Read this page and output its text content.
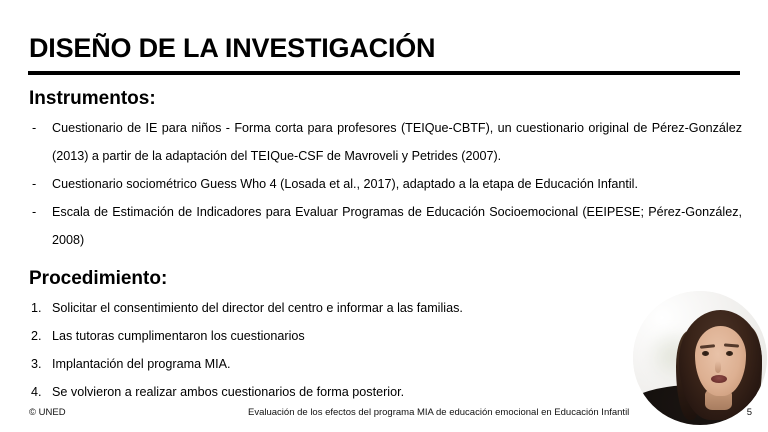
DISEÑO DE LA INVESTIGACIÓN
Instrumentos:
- Cuestionario de IE para niños - Forma corta para profesores (TEIQue-CBTF), un cuestionario original de Pérez-González (2013) a partir de la adaptación del TEIQue-CSF de Mavroveli y Petrides (2007).
- Cuestionario sociométrico Guess Who 4 (Losada et al., 2017), adaptado a la etapa de Educación Infantil.
- Escala de Estimación de Indicadores para Evaluar Programas de Educación Socioemocional (EEIPESE; Pérez-González, 2008)
Procedimiento:
1. Solicitar el consentimiento del director del centro e informar a las familias.
2. Las tutoras cumplimentaron los cuestionarios
3. Implantación del programa MIA.
4. Se volvieron a realizar ambos cuestionarios de forma posterior.
© UNED	Evaluación de los efectos del programa MIA de educación emocional en Educación Infantil
